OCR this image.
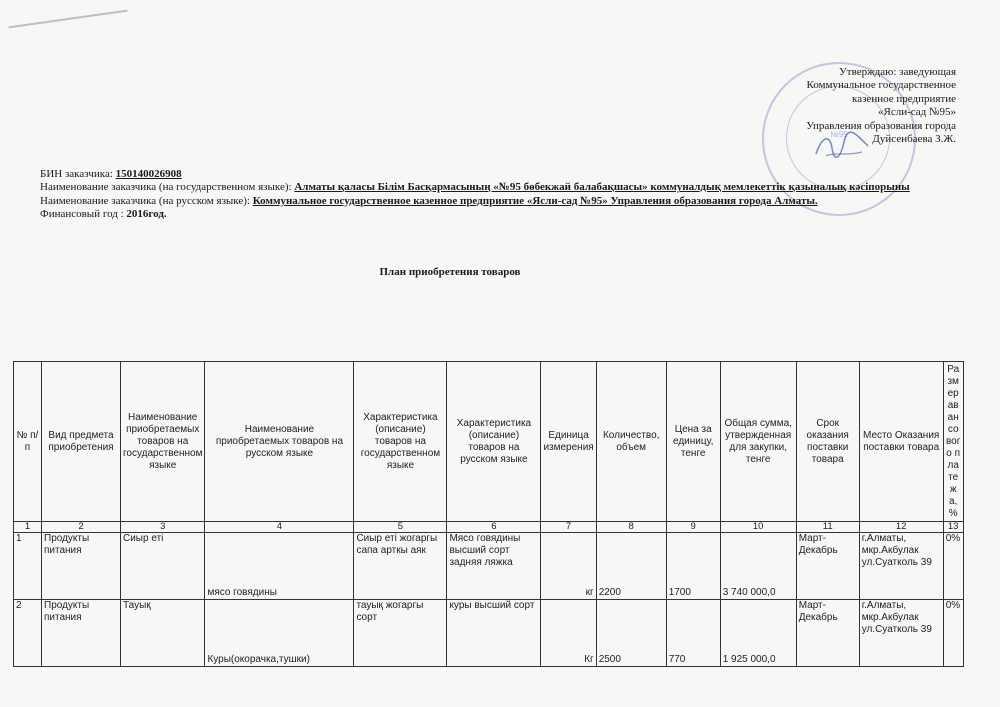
№95
Утверждаю: заведующая
Коммунальное государственное
казенное предприятие
«Ясли-сад №95»
Управления образования города
Дуйсенбаева З.Ж.
БИН заказчика: 150140026908
Наименование заказчика (на государственном языке): Алматы қаласы Білім Басқармасының «№95 бөбекжай балабақшасы» коммуналдық мемлекеттік қазыналық кәсіпорыны
Наименование заказчика (на русском языке): Коммунальное государственное казенное предприятие «Ясли-сад №95» Управления образования города Алматы.
Финансовый год : 2016год.
План приобретения товаров
№ п/п	Вид предмета приобретения	Наименование приобретаемых товаров на государственном языке	Наименование приобретаемых товаров на русском языке	Характеристика (описание) товаров на государственном языке	Характеристика (описание) товаров на русском языке	Единица измерения	Количество, объем	Цена за единицу, тенге	Общая сумма, утвержденная для закупки, тенге	Срок оказания поставки товара	Место Оказания поставки товара	Размер авансового платежа, %
1	2	3	4	5	6	7	8	9	10	11	12	13
1	Продукты питания	Сиыр еті	мясо говядины	Сиыр еті жогаргы сапа арткы аяк	Мясо говядины высший сорт задняя ляжка	кг	2200	1700	3 740 000,0	Март-Декабрь	г.Алматы, мкр.Акбулак ул.Суатколь 39	0%
2	Продукты питания	Тауық	Куры(окорачка,тушки)	тауық жогаргы сорт	куры высший сорт	Кг	2500	770	1 925 000,0	Март-Декабрь	г.Алматы, мкр.Акбулак ул.Суатколь 39	0%
